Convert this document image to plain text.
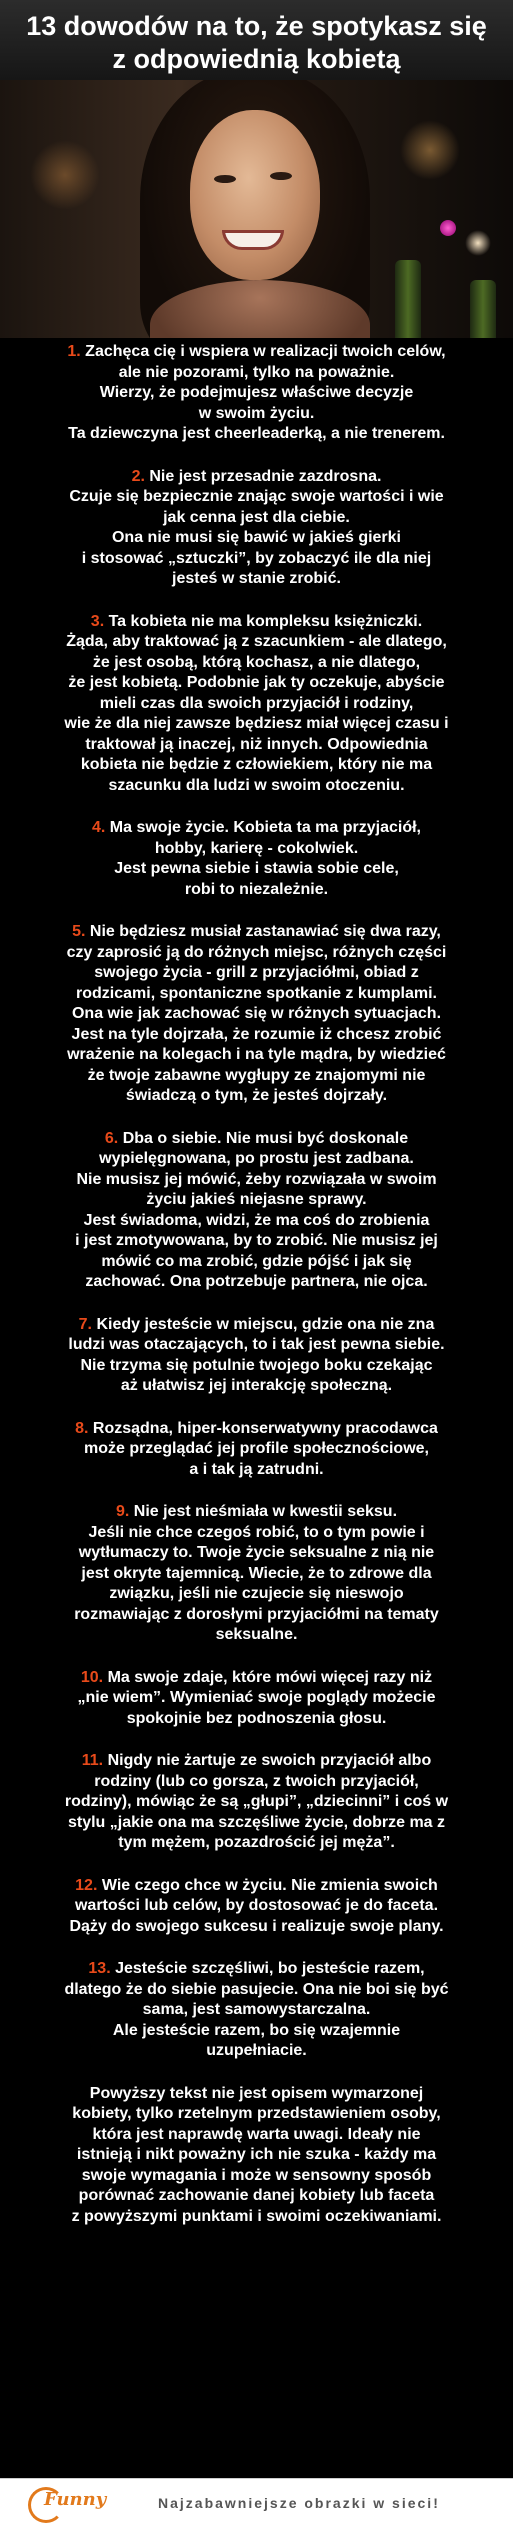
13 dowodów na to, że spotykasz się
z odpowiednią kobietą
1. Zachęca cię i wspiera w realizacji twoich celów,
ale nie pozorami, tylko na poważnie.
Wierzy, że podejmujesz właściwe decyzje
w swoim życiu.
Ta dziewczyna jest cheerleaderką, a nie trenerem.
2. Nie jest przesadnie zazdrosna.
Czuje się bezpiecznie znając swoje wartości i wie
jak cenna jest dla ciebie.
Ona nie musi się bawić w jakieś gierki
i stosować „sztuczki”, by zobaczyć ile dla niej
jesteś w stanie zrobić.
3. Ta kobieta nie ma kompleksu księżniczki.
Żąda, aby traktować ją z szacunkiem - ale dlatego,
że jest osobą, którą kochasz, a nie dlatego,
że jest kobietą. Podobnie jak ty oczekuje, abyście
mieli czas dla swoich przyjaciół i rodziny,
wie że dla niej zawsze będziesz miał więcej czasu i
traktował ją inaczej, niż innych. Odpowiednia
kobieta nie będzie z człowiekiem, który nie ma
szacunku dla ludzi w swoim otoczeniu.
4. Ma swoje życie. Kobieta ta ma przyjaciół,
hobby, karierę - cokolwiek.
Jest pewna siebie i stawia sobie cele,
robi to niezależnie.
5. Nie będziesz musiał zastanawiać się dwa razy,
czy zaprosić ją do różnych miejsc, różnych części
swojego życia - grill z przyjaciółmi, obiad z
rodzicami, spontaniczne spotkanie z kumplami.
Ona wie jak zachować się w różnych sytuacjach.
Jest na tyle dojrzała, że rozumie iż chcesz zrobić
wrażenie na kolegach i na tyle mądra, by wiedzieć
że twoje zabawne wygłupy ze znajomymi nie
świadczą o tym, że jesteś dojrzały.
6. Dba o siebie. Nie musi być doskonale
wypielęgnowana, po prostu jest zadbana.
Nie musisz jej mówić, żeby rozwiązała w swoim
życiu jakieś niejasne sprawy.
Jest świadoma, widzi, że ma coś do zrobienia
i jest zmotywowana, by to zrobić. Nie musisz jej
mówić co ma zrobić, gdzie pójść i jak się
zachować. Ona potrzebuje partnera, nie ojca.
7. Kiedy jesteście w miejscu, gdzie ona nie zna
ludzi was otaczających, to i tak jest pewna siebie.
Nie trzyma się potulnie twojego boku czekając
aż ułatwisz jej interakcję społeczną.
8. Rozsądna, hiper-konserwatywny pracodawca
może przeglądać jej profile społecznościowe,
a i tak ją zatrudni.
9. Nie jest nieśmiała w kwestii seksu.
Jeśli nie chce czegoś robić, to o tym powie i
wytłumaczy to. Twoje życie seksualne z nią nie
jest okryte tajemnicą. Wiecie, że to zdrowe dla
związku, jeśli nie czujecie się nieswojo
rozmawiając z dorosłymi przyjaciółmi na tematy
seksualne.
10. Ma swoje zdaje, które mówi więcej razy niż
„nie wiem”. Wymieniać swoje poglądy możecie
spokojnie bez podnoszenia głosu.
11. Nigdy nie żartuje ze swoich przyjaciół albo
rodziny (lub co gorsza, z twoich przyjaciół,
rodziny), mówiąc że są „głupi”, „dziecinni” i coś w
stylu „jakie ona ma szczęśliwe życie, dobrze ma z
tym mężem, pozazdrościć jej męża”.
12. Wie czego chce w życiu. Nie zmienia swoich
wartości lub celów, by dostosować je do faceta.
Dąży do swojego sukcesu i realizuje swoje plany.
13. Jesteście szczęśliwi, bo jesteście razem,
dlatego że do siebie pasujecie. Ona nie boi się być
sama, jest samowystarczalna.
Ale jesteście razem, bo się wzajemnie
uzupełniacie.
Powyższy tekst nie jest opisem wymarzonej
kobiety, tylko rzetelnym przedstawieniem osoby,
która jest naprawdę warta uwagi. Ideały nie
istnieją i nikt poważny ich nie szuka - każdy ma
swoje wymagania i może w sensowny sposób
porównać zachowanie danej kobiety lub faceta
z powyższymi punktami i swoimi oczekiwaniami.
Funny	Najzabawniejsze obrazki w sieci!
